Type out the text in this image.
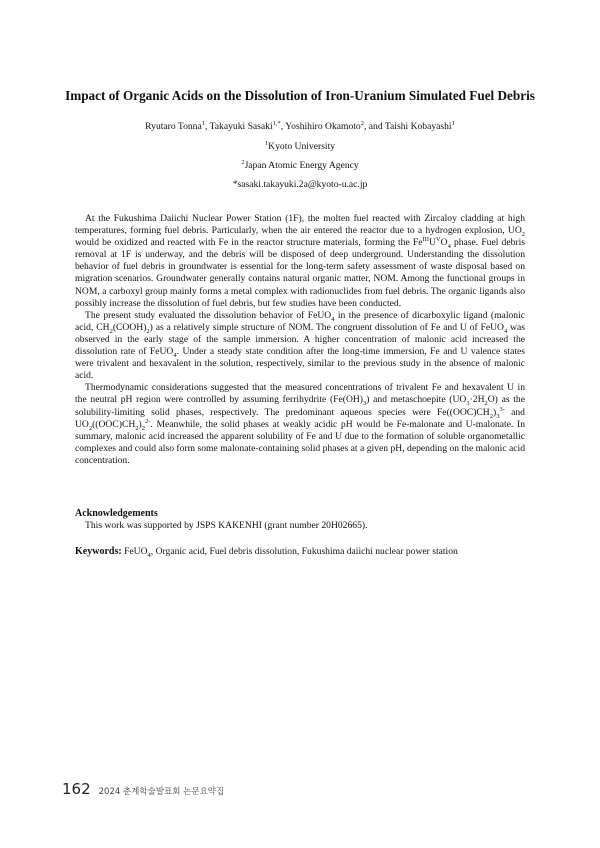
Impact of Organic Acids on the Dissolution of Iron-Uranium Simulated Fuel Debris

Ryutaro Tonna$^1$, Takayuki Sasaki$^{1,*}$, Yoshihiro Okamoto$^2$, and Taishi Kobayashi$^1$

$^1$Kyoto University

$^2$Japan Atomic Energy Agency

*sasaki.takayuki.2a@kyoto-u.ac.jp

At the Fukushima Daiichi Nuclear Power Station (1F), the molten fuel reacted with Zircaloy cladding at high temperatures, forming fuel debris. Particularly, when the air entered the reactor due to a hydrogen explosion, $UO_2$ would be oxidized and reacted with Fe in the reactor structure materials, forming the $Fe^{III}U^VO_4$ phase. Fuel debris removal at 1F is underway, and the debris will be disposed of deep underground. Understanding the dissolution behavior of fuel debris in groundwater is essential for the long-term safety assessment of waste disposal based on migration scenarios. Groundwater generally contains natural organic matter, NOM. Among the functional groups in NOM, a carboxyl group mainly forms a metal complex with radionuclides from fuel debris. The organic ligands also possibly increase the dissolution of fuel debris, but few studies have been conducted.

The present study evaluated the dissolution behavior of FeUO$_4$ in the presence of dicarboxylic ligand (malonic acid, $CH_2(COOH)_2$) as a relatively simple structure of NOM. The congruent dissolution of Fe and U of FeUO$_4$ was observed in the early stage of the sample immersion. A higher concentration of malonic acid increased the dissolution rate of FeUO$_4$. Under a steady state condition after the long-time immersion, Fe and U valence states were trivalent and hexavalent in the solution, respectively, similar to the previous study in the absence of malonic acid.

Thermodynamic considerations suggested that the measured concentrations of trivalent Fe and hexavalent U in the neutral pH region were controlled by assuming ferrihydrite $(Fe(OH)_3)$ and metaschoepite $(UO_3\cdot 2H_2O)$ as the solubility-limiting solid phases, respectively. The predominant aqueous species were $Fe((OOC)CH_2)_3^{3-}$ and $UO_2((OOC)CH_2)_2^{2-}$. Meanwhile, the solid phases at weakly acidic pH would be Fe-malonate and U-malonate. In summary, malonic acid increased the apparent solubility of Fe and U due to the formation of soluble organometallic complexes and could also form some malonate-containing solid phases at a given pH, depending on the malonic acid concentration.

Acknowledgements

This work was supported by JSPS KAKENHI (grant number 20H02665).

Keywords: FeUO$_4$, Organic acid, Fuel debris dissolution, Fukushima daiichi nuclear power station

162 2024 춘계학술발표회 논문요약집
